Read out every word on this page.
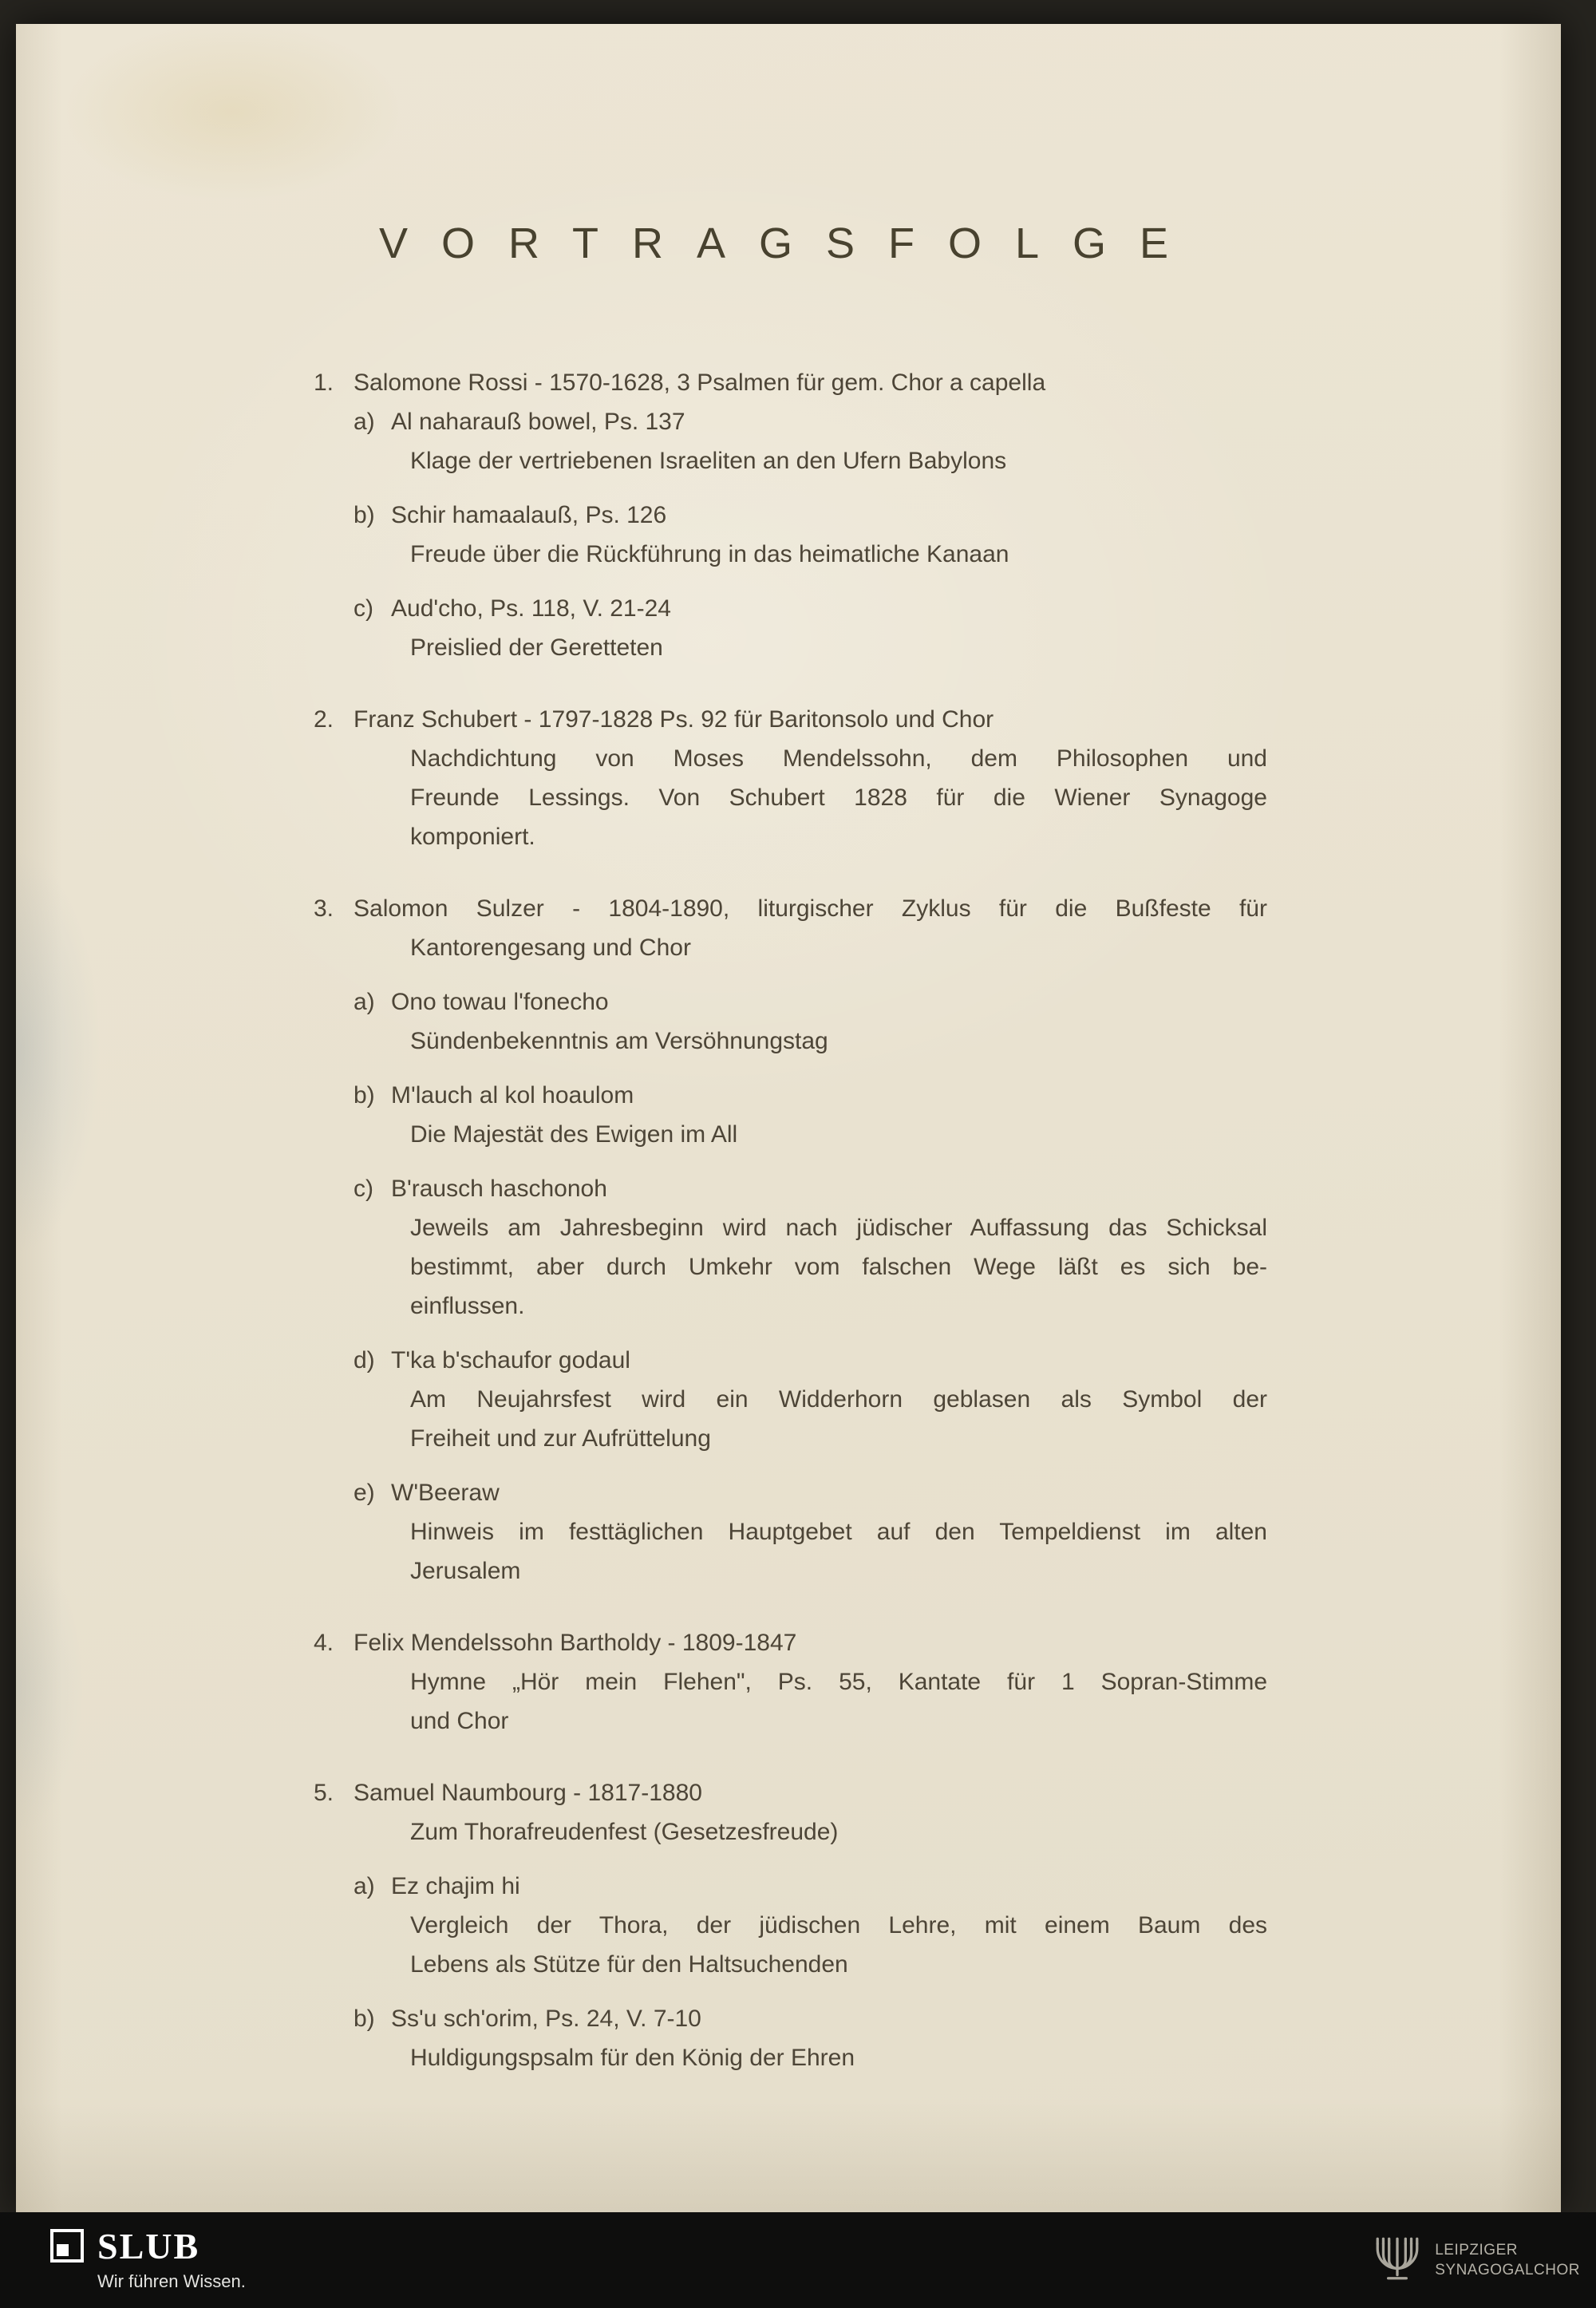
VORTRAGSFOLGE
1. Salomone Rossi - 1570-1628, 3 Psalmen für gem. Chor a capella
a) Al naharauß bowel, Ps. 137
Klage der vertriebenen Israeliten an den Ufern Babylons
b) Schir hamaalauß, Ps. 126
Freude über die Rückführung in das heimatliche Kanaan
c) Aud'cho, Ps. 118, V. 21-24
Preislied der Geretteten
2. Franz Schubert - 1797-1828 Ps. 92 für Baritonsolo und Chor
Nachdichtung von Moses Mendelssohn, dem Philosophen und
Freunde Lessings. Von Schubert 1828 für die Wiener Synagoge
komponiert.
3. Salomon Sulzer - 1804-1890, liturgischer Zyklus für die Bußfeste für
Kantorengesang und Chor
a) Ono towau l'fonecho
Sündenbekenntnis am Versöhnungstag
b) M'lauch al kol hoaulom
Die Majestät des Ewigen im All
c) B'rausch haschonoh
Jeweils am Jahresbeginn wird nach jüdischer Auffassung das Schicksal
bestimmt, aber durch Umkehr vom falschen Wege läßt es sich be-
einflussen.
d) T'ka b'schaufor godaul
Am Neujahrsfest wird ein Widderhorn geblasen als Symbol der
Freiheit und zur Aufrüttelung
e) W'Beeraw
Hinweis im festtäglichen Hauptgebet auf den Tempeldienst im alten
Jerusalem
4. Felix Mendelssohn Bartholdy - 1809-1847
Hymne „Hör mein Flehen", Ps. 55, Kantate für 1 Sopran-Stimme
und Chor
5. Samuel Naumbourg - 1817-1880
Zum Thorafreudenfest (Gesetzesfreude)
a) Ez chajim hi
Vergleich der Thora, der jüdischen Lehre, mit einem Baum des
Lebens als Stütze für den Haltsuchenden
b) Ss'u sch'orim, Ps. 24, V. 7-10
Huldigungspsalm für den König der Ehren
SLUB
Wir führen Wissen.
LEIPZIGER
SYNAGOGALCHOR
